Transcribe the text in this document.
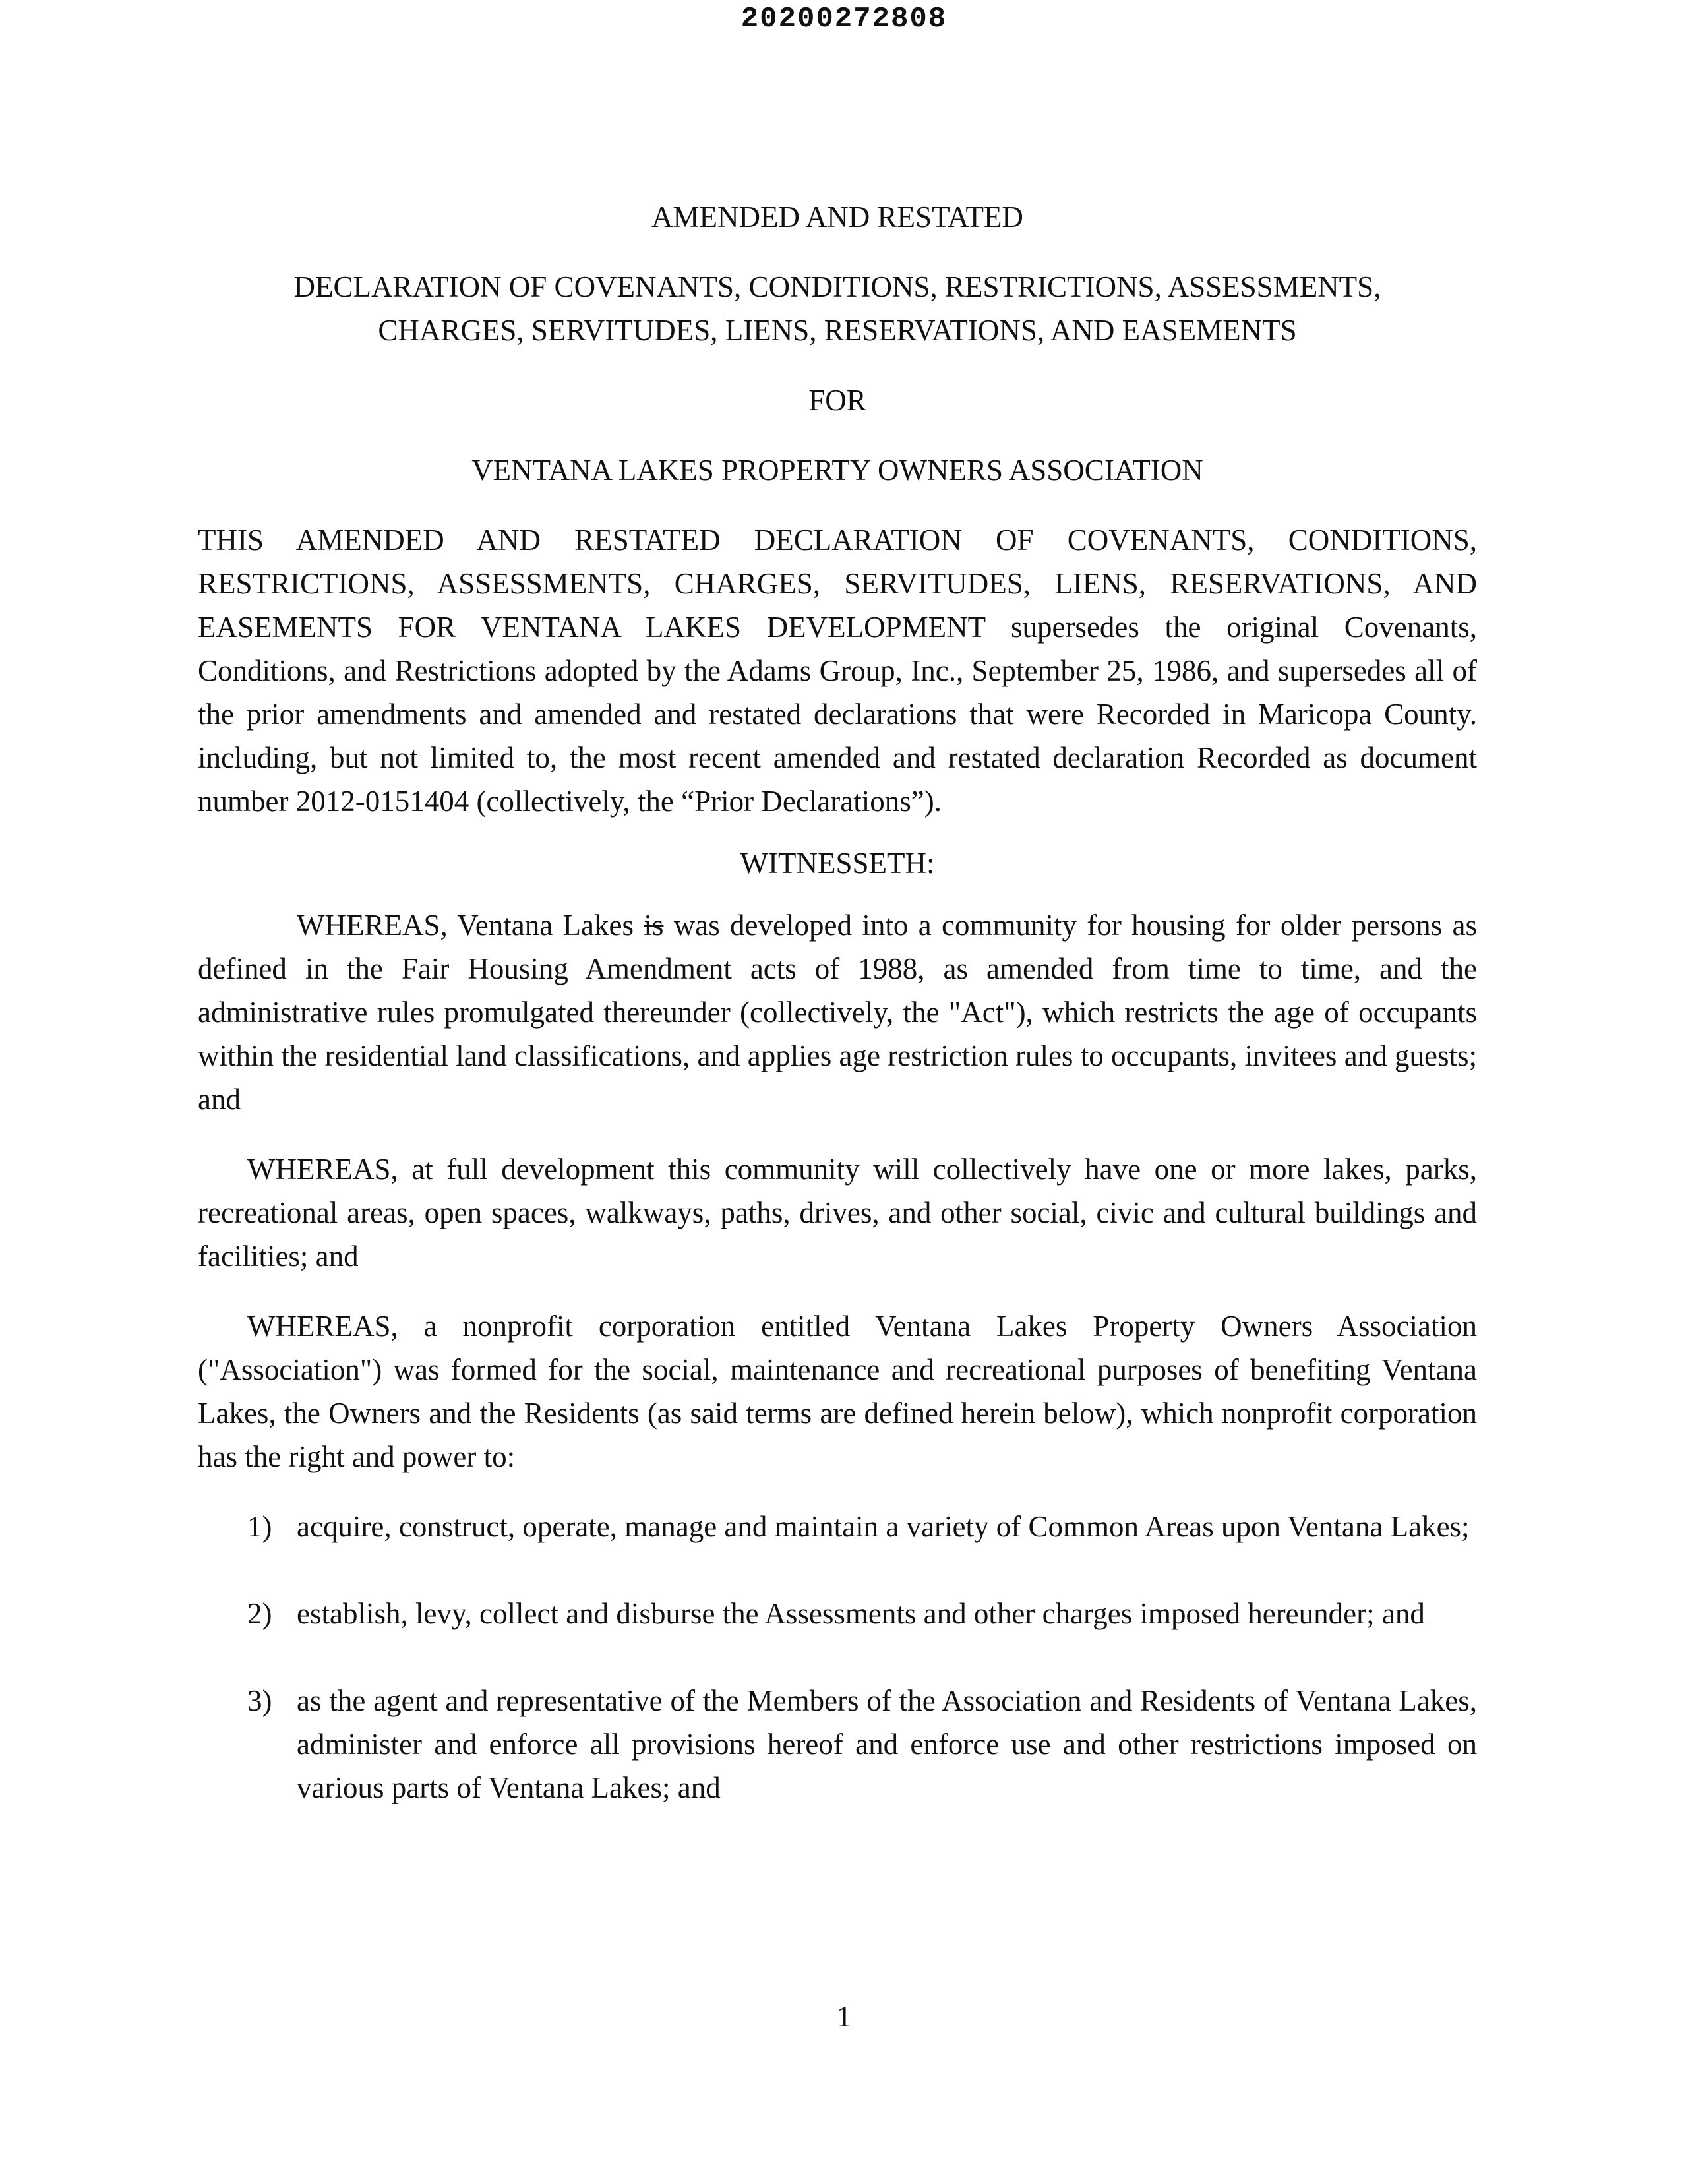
20200272808
AMENDED AND RESTATED
DECLARATION OF COVENANTS, CONDITIONS, RESTRICTIONS, ASSESSMENTS,
CHARGES, SERVITUDES, LIENS, RESERVATIONS, AND EASEMENTS
FOR
VENTANA LAKES PROPERTY OWNERS ASSOCIATION

THIS AMENDED AND RESTATED DECLARATION OF COVENANTS, CONDITIONS, RESTRICTIONS, ASSESSMENTS, CHARGES, SERVITUDES, LIENS, RESERVATIONS, AND EASEMENTS FOR VENTANA LAKES DEVELOPMENT supersedes the original Covenants, Conditions, and Restrictions adopted by the Adams Group, Inc., September 25, 1986, and supersedes all of the prior amendments and amended and restated declarations that were Recorded in Maricopa County. including, but not limited to, the most recent amended and restated declaration Recorded as document number 2012-0151404 (collectively, the “Prior Declarations”).

WITNESSETH:

WHEREAS, Ventana Lakes is was developed into a community for housing for older persons as defined in the Fair Housing Amendment acts of 1988, as amended from time to time, and the administrative rules promulgated thereunder (collectively, the "Act"), which restricts the age of occupants within the residential land classifications, and applies age restriction rules to occupants, invitees and guests; and

WHEREAS, at full development this community will collectively have one or more lakes, parks, recreational areas, open spaces, walkways, paths, drives, and other social, civic and cultural buildings and facilities; and

WHEREAS, a nonprofit corporation entitled Ventana Lakes Property Owners Association ("Association") was formed for the social, maintenance and recreational purposes of benefiting Ventana Lakes, the Owners and the Residents (as said terms are defined herein below), which nonprofit corporation has the right and power to:

1) acquire, construct, operate, manage and maintain a variety of Common Areas upon Ventana Lakes;
2) establish, levy, collect and disburse the Assessments and other charges imposed hereunder; and
3) as the agent and representative of the Members of the Association and Residents of Ventana Lakes, administer and enforce all provisions hereof and enforce use and other restrictions imposed on various parts of Ventana Lakes; and
1
